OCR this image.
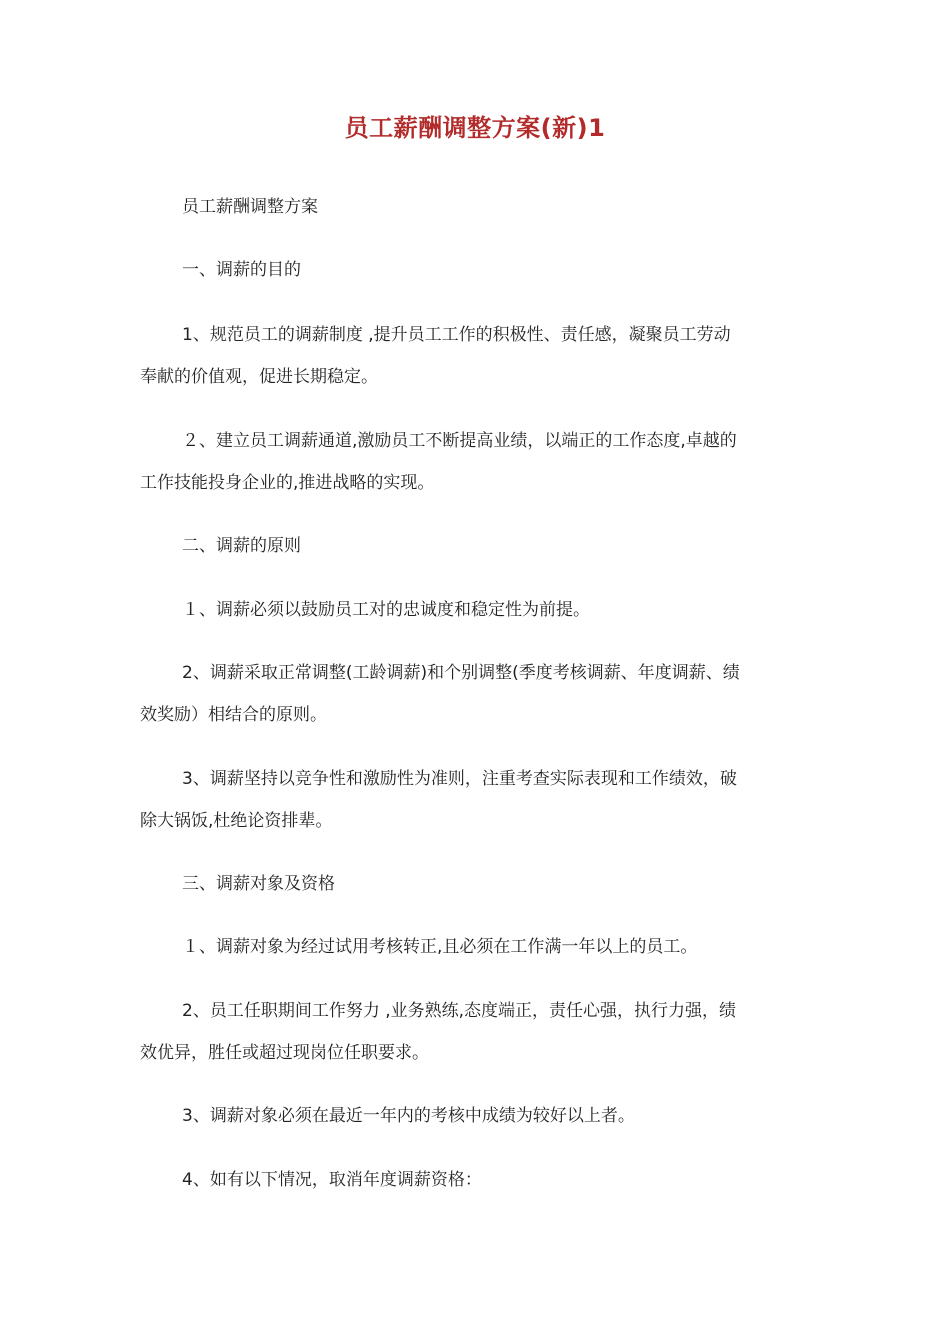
员工薪酬调整方案(新)1

员工薪酬调整方案

一、调薪的目的

1、规范员工的调薪制度 ,提升员工工作的积极性、责任感，凝聚员工劳动

奉献的价值观，促进长期稳定。

２、建立员工调薪通道,激励员工不断提高业绩，以端正的工作态度,卓越的

工作技能投身企业的,推进战略的实现。

二、调薪的原则

１、调薪必须以鼓励员工对的忠诚度和稳定性为前提。

2、调薪采取正常调整(工龄调薪)和个别调整(季度考核调薪、年度调薪、绩

效奖励）相结合的原则。

3、调薪坚持以竞争性和激励性为准则，注重考查实际表现和工作绩效，破

除大锅饭,杜绝论资排辈。

三、调薪对象及资格

１、调薪对象为经过试用考核转正,且必须在工作满一年以上的员工。

2、员工任职期间工作努力 ,业务熟练,态度端正，责任心强，执行力强，绩

效优异，胜任或超过现岗位任职要求。

3、调薪对象必须在最近一年内的考核中成绩为较好以上者。

4、如有以下情况，取消年度调薪资格：
